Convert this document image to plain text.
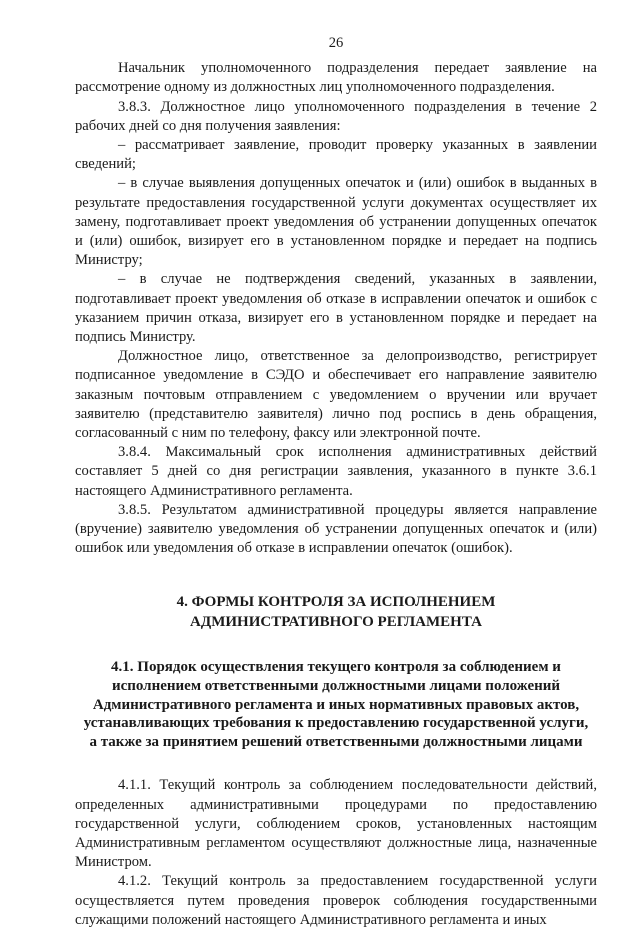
26

Начальник уполномоченного подразделения передает заявление на рассмотрение одному из должностных лиц уполномоченного подразделения.

3.8.3. Должностное лицо уполномоченного подразделения в течение 2 рабочих дней со дня получения заявления:

– рассматривает заявление, проводит проверку указанных в заявлении сведений;

– в случае выявления допущенных опечаток и (или) ошибок в выданных в результате предоставления государственной услуги документах осуществляет их замену, подготавливает проект уведомления об устранении допущенных опечаток и (или) ошибок, визирует его в установленном порядке и передает на подпись Министру;

– в случае не подтверждения сведений, указанных в заявлении, подготавливает проект уведомления об отказе в исправлении опечаток и ошибок с указанием причин отказа, визирует его в установленном порядке и передает на подпись Министру.

Должностное лицо, ответственное за делопроизводство, регистрирует подписанное уведомление в СЭДО и обеспечивает его направление заявителю заказным почтовым отправлением с уведомлением о вручении или вручает заявителю (представителю заявителя) лично под роспись в день обращения, согласованный с ним по телефону, факсу или электронной почте.

3.8.4. Максимальный срок исполнения административных действий составляет 5 дней со дня регистрации заявления, указанного в пункте 3.6.1 настоящего Административного регламента.

3.8.5. Результатом административной процедуры является направление (вручение) заявителю уведомления об устранении допущенных опечаток и (или) ошибок или уведомления об отказе в исправлении опечаток (ошибок).

4. ФОРМЫ КОНТРОЛЯ ЗА ИСПОЛНЕНИЕМ
АДМИНИСТРАТИВНОГО РЕГЛАМЕНТА
4.1. Порядок осуществления текущего контроля за соблюдением и
исполнением ответственными должностными лицами положений
Административного регламента и иных нормативных правовых актов,
устанавливающих требования к предоставлению государственной услуги,
а также за принятием решений ответственными должностными лицами

4.1.1. Текущий контроль за соблюдением последовательности действий, определенных административными процедурами по предоставлению государственной услуги, соблюдением сроков, установленных настоящим Административным регламентом осуществляют должностные лица, назначенные Министром.

4.1.2. Текущий контроль за предоставлением государственной услуги осуществляется путем проведения проверок соблюдения государственными служащими положений настоящего Административного регламента и иных
